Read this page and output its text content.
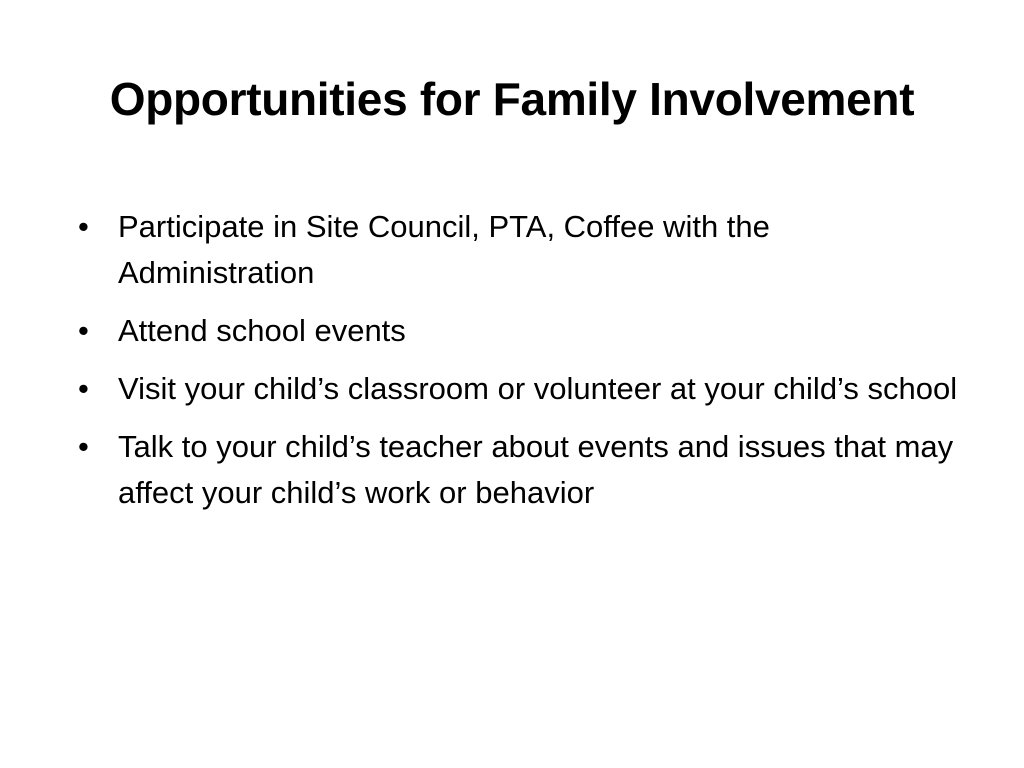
Opportunities for Family Involvement
• Participate in Site Council, PTA, Coffee with the Administration
• Attend school events
• Visit your child’s classroom or volunteer at your child’s school
• Talk to your child’s teacher about events and issues that may affect your child’s work or behavior
